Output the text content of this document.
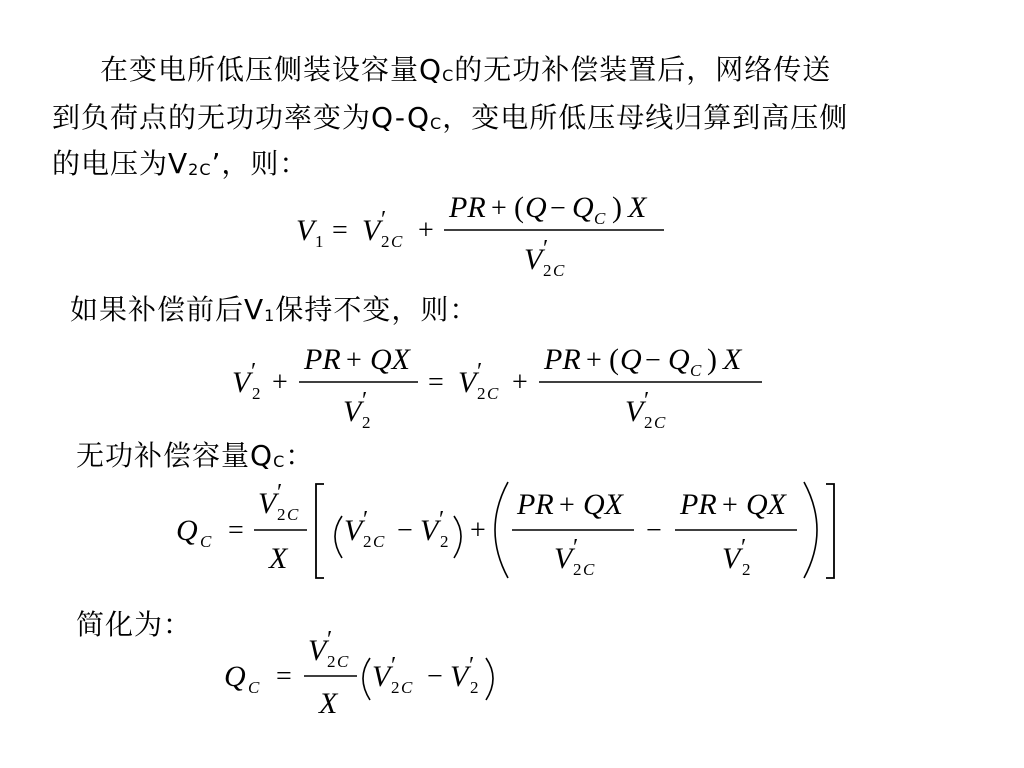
在变电所低压侧装设容量QC的无功补偿装置后，网络传送
到负荷点的无功功率变为Q-QC，变电所低压母线归算到高压侧
的电压为V2C’，则：
V 1 = V ′
2 C +
PR + ( Q − Q C ) X
V ′
2 C
如果补偿前后V1保持不变，则：
V ′
2 +
PR + QX
V ′
2
= V ′
2 C +
PR + ( Q − Q C ) X
V ′
2 C
无功补偿容量QC：
Q C =
V ′
2 C
X
V ′
2 C − V ′
2 +
PR + QX
V ′
2 C
−
PR + QX
V ′
2
简化为：
Q C =
V ′
2 C
X
V ′
2 C − V ′
2
